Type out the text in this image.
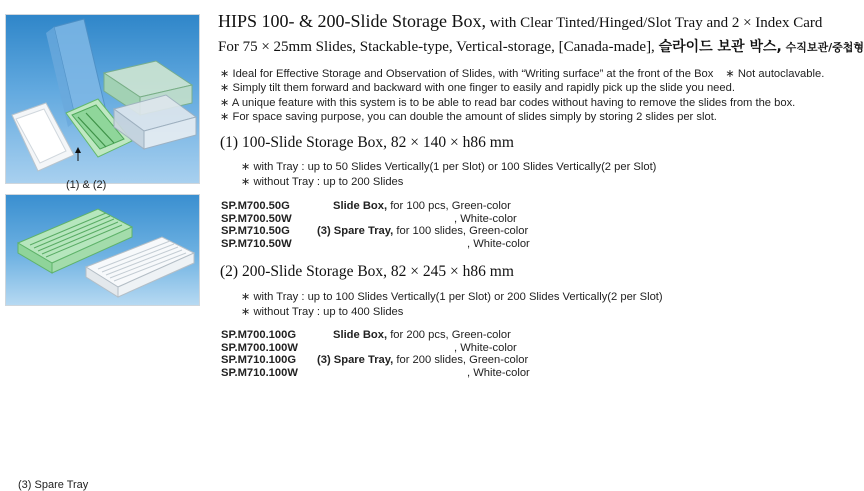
(1) & (2)
(3) Spare Tray
HIPS 100- & 200-Slide Storage Box, with Clear Tinted/Hinged/Slot Tray and 2 × Index Card
For 75 × 25mm Slides, Stackable-type, Vertical-storage, [Canada-made], 슬라이드 보관 박스, 수직보관/중첩형
∗ Ideal for Effective Storage and Observation of Slides, with “Writing surface” at the front of the Box ∗ Not autoclavable.
∗ Simply tilt them forward and backward with one finger to easily and rapidly pick up the slide you need.
∗ A unique feature with this system is to be able to read bar codes without having to remove the slides from the box.
∗ For space saving purpose, you can double the amount of slides simply by storing 2 slides per slot.
(1) 100-Slide Storage Box, 82 × 140 × h86 mm
∗ with Tray : up to 50 Slides Vertically(1 per Slot) or 100 Slides Vertically(2 per Slot)
∗ without Tray : up to 200 Slides
SP.M700.50G	Slide Box, for 100 pcs, Green-color
SP.M700.50W	, White-color
SP.M710.50G (3) Spare Tray, for 100 slides, Green-color
SP.M710.50W	, White-color
(2) 200-Slide Storage Box, 82 × 245 × h86 mm
∗ with Tray : up to 100 Slides Vertically(1 per Slot) or 200 Slides Vertically(2 per Slot)
∗ without Tray : up to 400 Slides
SP.M700.100G	Slide Box, for 200 pcs, Green-color
SP.M700.100W	, White-color
SP.M710.100G (3) Spare Tray, for 200 slides, Green-color
SP.M710.100W	, White-color
